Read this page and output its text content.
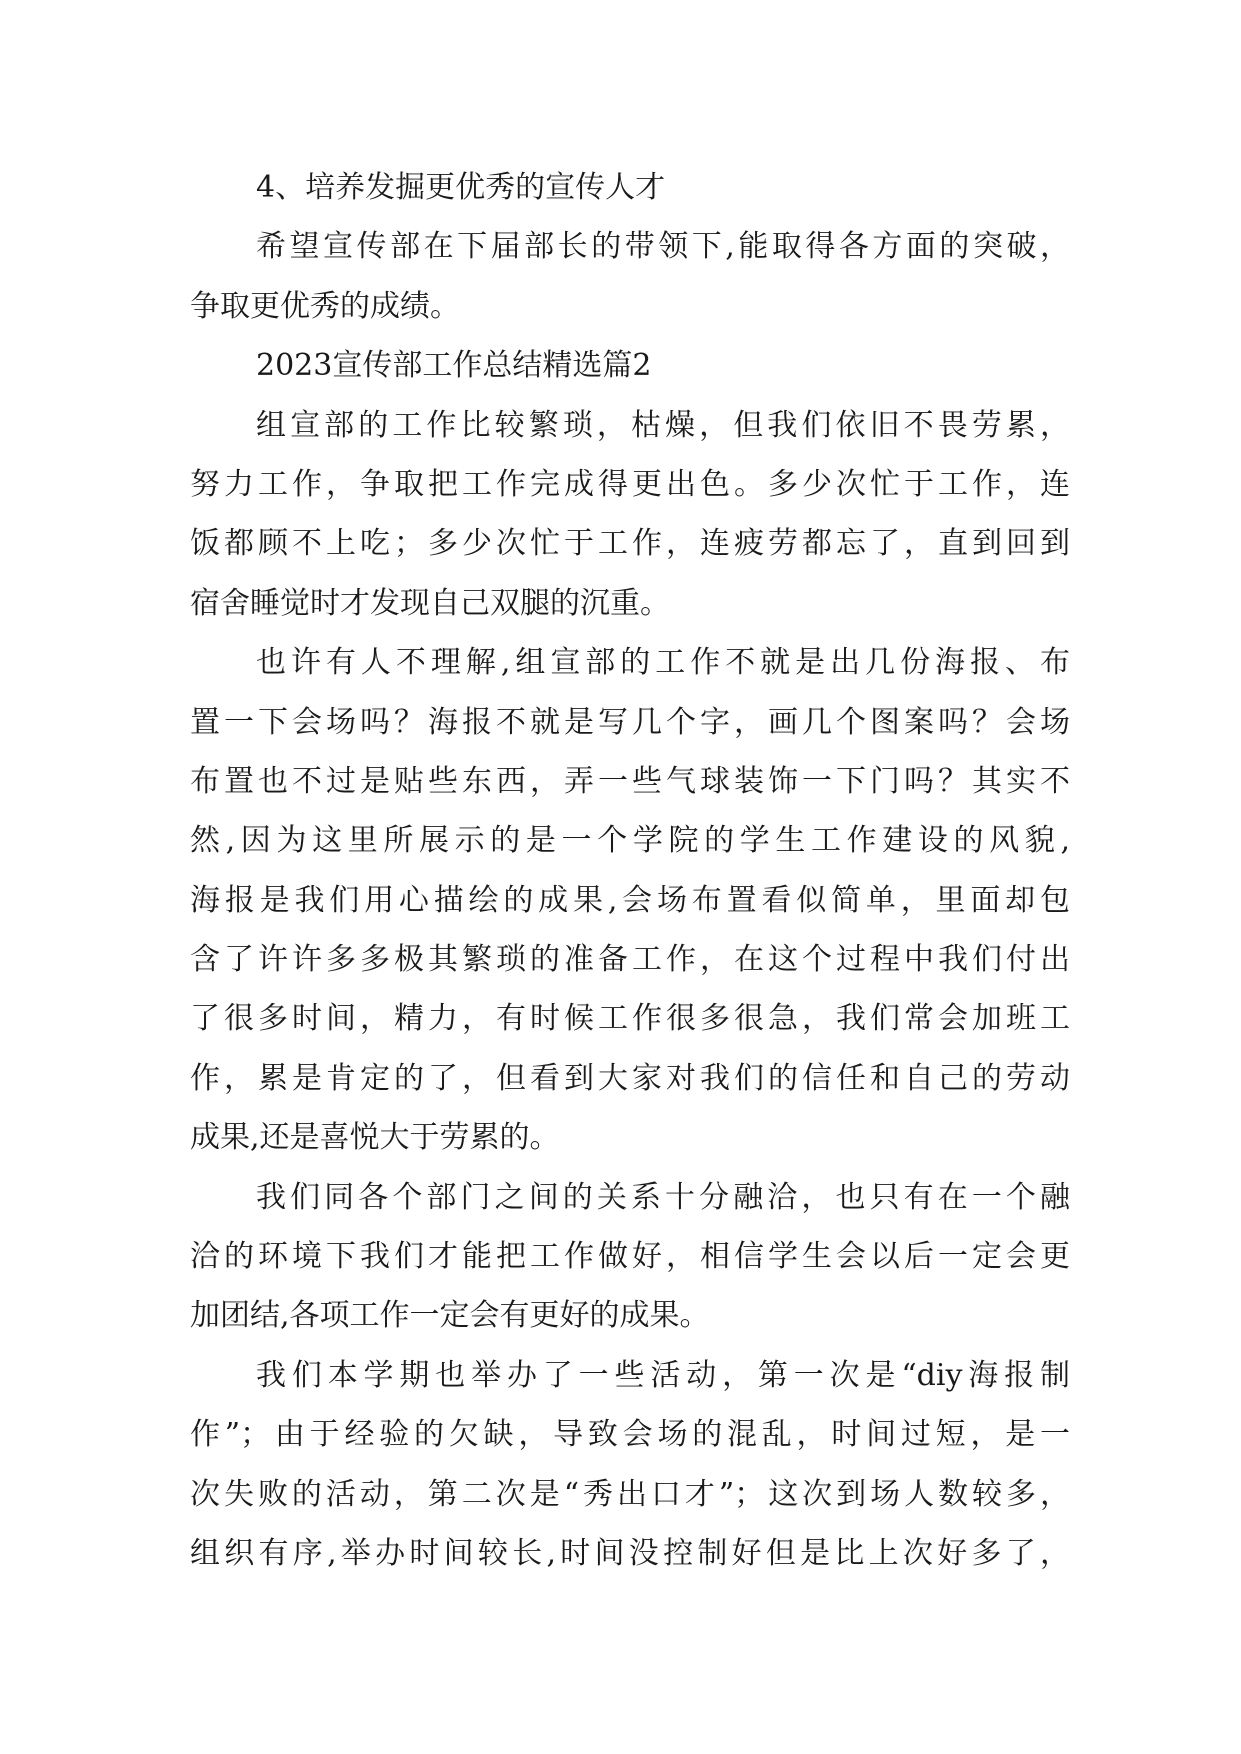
4、培养发掘更优秀的宣传人才
希望宣传部在下届部长的带领下,能取得各方面的突破，
争取更优秀的成绩。
2023宣传部工作总结精选篇2
组宣部的工作比较繁琐，枯燥，但我们依旧不畏劳累，
努力工作，争取把工作完成得更出色。多少次忙于工作，连
饭都顾不上吃；多少次忙于工作，连疲劳都忘了，直到回到
宿舍睡觉时才发现自己双腿的沉重。
也许有人不理解,组宣部的工作不就是出几份海报、布
置一下会场吗？海报不就是写几个字，画几个图案吗？会场
布置也不过是贴些东西，弄一些气球装饰一下门吗？其实不
然,因为这里所展示的是一个学院的学生工作建设的风貌,
海报是我们用心描绘的成果,会场布置看似简单，里面却包
含了许许多多极其繁琐的准备工作，在这个过程中我们付出
了很多时间，精力，有时候工作很多很急，我们常会加班工
作，累是肯定的了，但看到大家对我们的信任和自己的劳动
成果,还是喜悦大于劳累的。
我们同各个部门之间的关系十分融洽，也只有在一个融
洽的环境下我们才能把工作做好，相信学生会以后一定会更
加团结,各项工作一定会有更好的成果。
我们本学期也举办了一些活动，第一次是“diy海报制
作”；由于经验的欠缺，导致会场的混乱，时间过短，是一
次失败的活动，第二次是“秀出口才”；这次到场人数较多，
组织有序,举办时间较长,时间没控制好但是比上次好多了，
